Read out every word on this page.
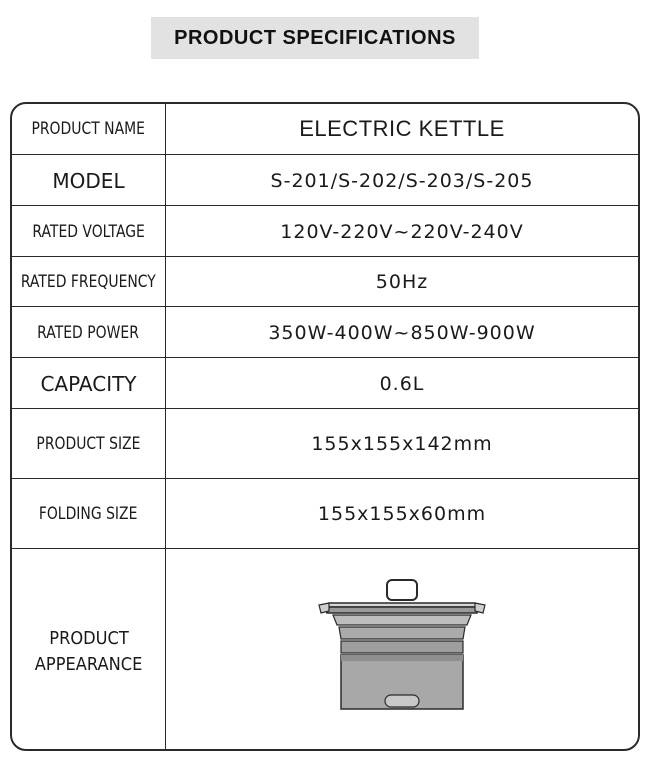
PRODUCT SPECIFICATIONS
PRODUCT NAME	ELECTRIC KETTLE
MODEL	S-201/S-202/S-203/S-205
RATED VOLTAGE	120V-220V~220V-240V
RATED FREQUENCY	50Hz
RATED POWER	350W-400W~850W-900W
CAPACITY	0.6L
PRODUCT SIZE	155x155x142mm
FOLDING SIZE	155x155x60mm
PRODUCT
APPEARANCE
